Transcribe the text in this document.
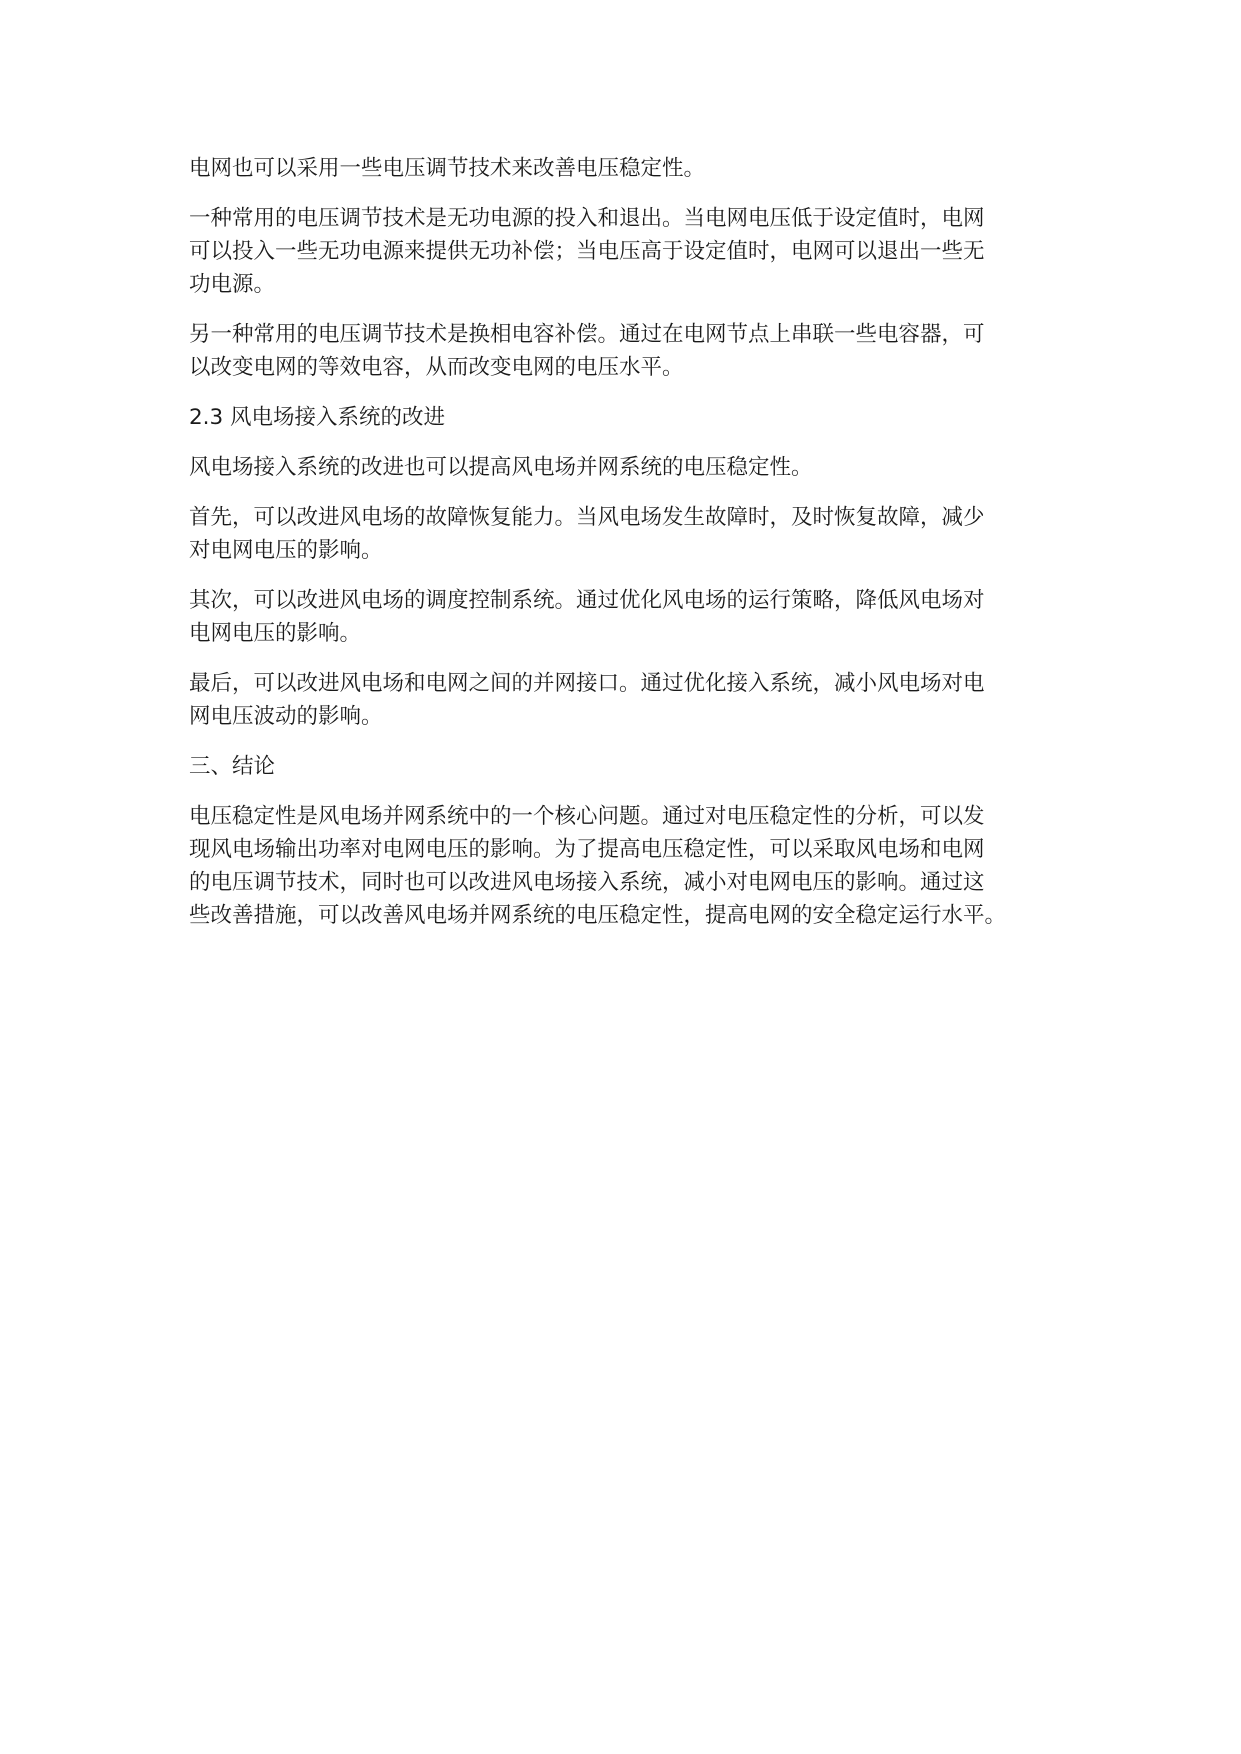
电网也可以采用一些电压调节技术来改善电压稳定性。

一种常用的电压调节技术是无功电源的投入和退出。当电网电压低于设定值时，电网
可以投入一些无功电源来提供无功补偿；当电压高于设定值时，电网可以退出一些无
功电源。

另一种常用的电压调节技术是换相电容补偿。通过在电网节点上串联一些电容器，可
以改变电网的等效电容，从而改变电网的电压水平。

2.3 风电场接入系统的改进

风电场接入系统的改进也可以提高风电场并网系统的电压稳定性。

首先，可以改进风电场的故障恢复能力。当风电场发生故障时，及时恢复故障，减少
对电网电压的影响。

其次，可以改进风电场的调度控制系统。通过优化风电场的运行策略，降低风电场对
电网电压的影响。

最后，可以改进风电场和电网之间的并网接口。通过优化接入系统，减小风电场对电
网电压波动的影响。

三、结论

电压稳定性是风电场并网系统中的一个核心问题。通过对电压稳定性的分析，可以发
现风电场输出功率对电网电压的影响。为了提高电压稳定性，可以采取风电场和电网
的电压调节技术，同时也可以改进风电场接入系统，减小对电网电压的影响。通过这
些改善措施，可以改善风电场并网系统的电压稳定性，提高电网的安全稳定运行水平。
